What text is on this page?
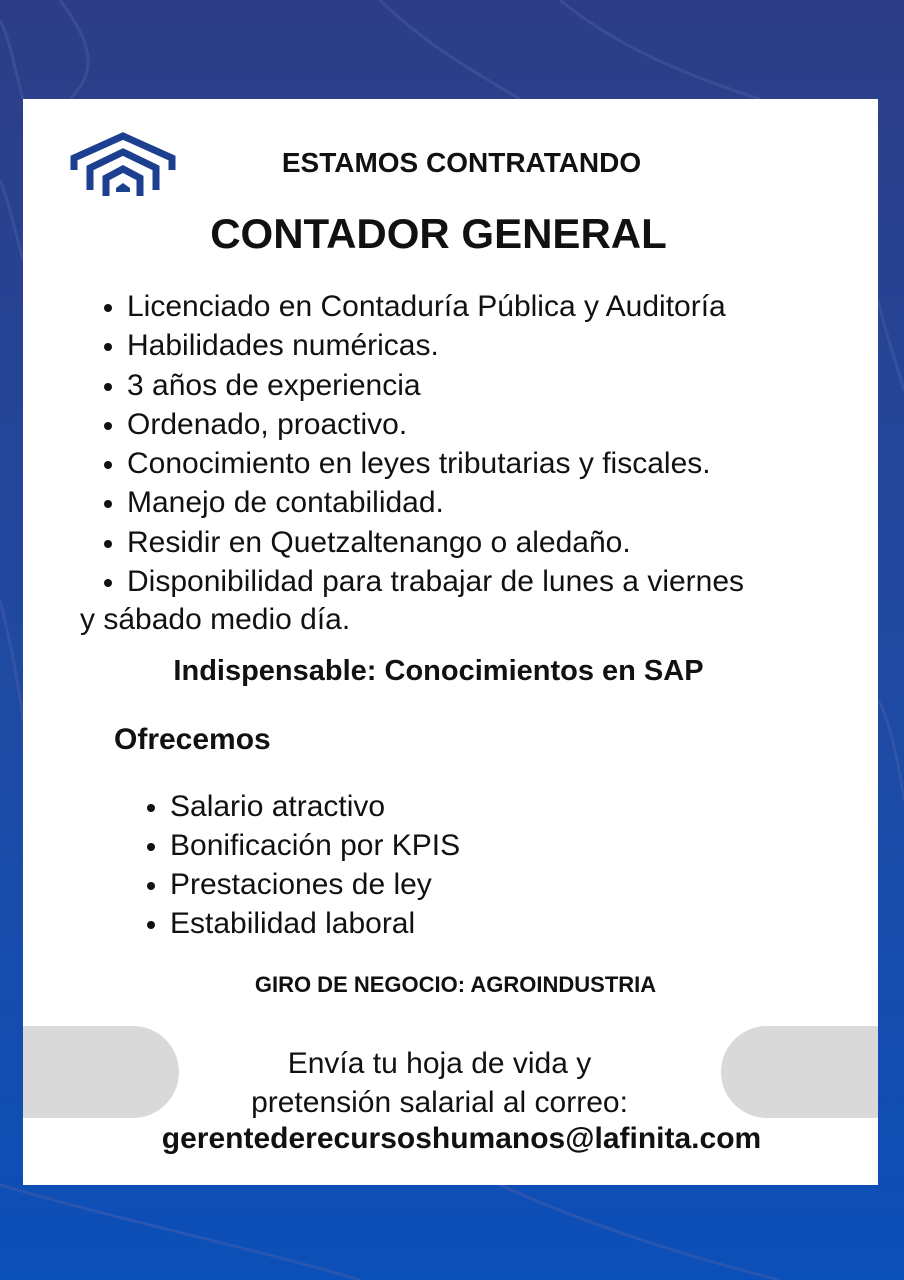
ESTAMOS CONTRATANDO
CONTADOR GENERAL
Licenciado en Contaduría Pública y Auditoría
Habilidades numéricas.
3 años de experiencia
Ordenado, proactivo.
Conocimiento en leyes tributarias y fiscales.
Manejo de contabilidad.
Residir en Quetzaltenango o aledaño.
Disponibilidad para trabajar de lunes a viernes
y sábado medio día.
Indispensable: Conocimientos en SAP
Ofrecemos
Salario atractivo
Bonificación por KPIS
Prestaciones de ley
Estabilidad laboral
GIRO DE NEGOCIO: AGROINDUSTRIA
Envía tu hoja de vida y
pretensión salarial al correo:
gerentederecursoshumanos@lafinita.com
